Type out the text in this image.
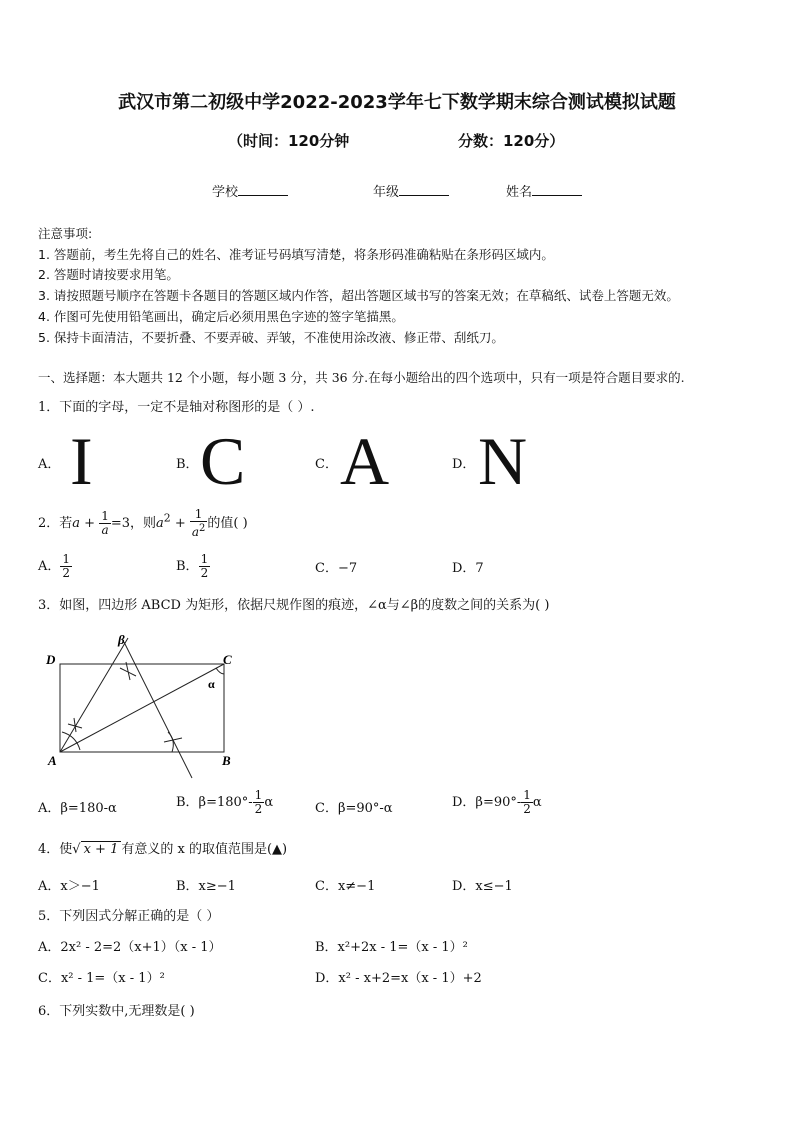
武汉市第二初级中学2022-2023学年七下数学期末综合测试模拟试题
（时间：120分钟	分数：120分）
学校	年级	姓名
注意事项:
1. 答题前，考生先将自己的姓名、准考证号码填写清楚，将条形码准确粘贴在条形码区域内。
2. 答题时请按要求用笔。
3. 请按照题号顺序在答题卡各题目的答题区域内作答，超出答题区域书写的答案无效；在草稿纸、试卷上答题无效。
4. 作图可先使用铅笔画出，确定后必须用黑色字迹的签字笔描黑。
5. 保持卡面清洁，不要折叠、不要弄破、弄皱，不准使用涂改液、修正带、刮纸刀。
一、选择题：本大题共 12 个小题，每小题 3 分，共 36 分.在每小题给出的四个选项中，只有一项是符合题目要求的.
1．下面的字母，一定不是轴对称图形的是（ ）.
A． I	B． C	C． A	D． N
2．若$a + \frac{1}{a} =3$，则$a^2 + \frac{1}{a^2}$ 的值( )
A． $\frac{1}{2}$	B． $\frac{1}{2}$	C．−7	D．7
3．如图，四边形 ABCD 为矩形，依据尺规作图的痕迹，∠α与∠β的度数之间的关系为( )
D	C
A	B
α
β
A．β=180-α	B．$\beta=180^\circ- \frac{1}{2}$ α	C．β=90°-α	D．$\beta=90^\circ- \frac{1}{2}$ α
4．使√ x + 1 有意义的 x 的取值范围是(▲)
A．x＞−1	B．x≥−1	C．x≠−1	D．x≤−1
5．下列因式分解正确的是（ ）
A．2x² - 2=2（x+1）（x - 1）	B．x²+2x - 1=（x - 1）²
C．x² - 1=（x - 1）²	D．x² - x+2=x（x - 1）+2
6．下列实数中,无理数是( )
